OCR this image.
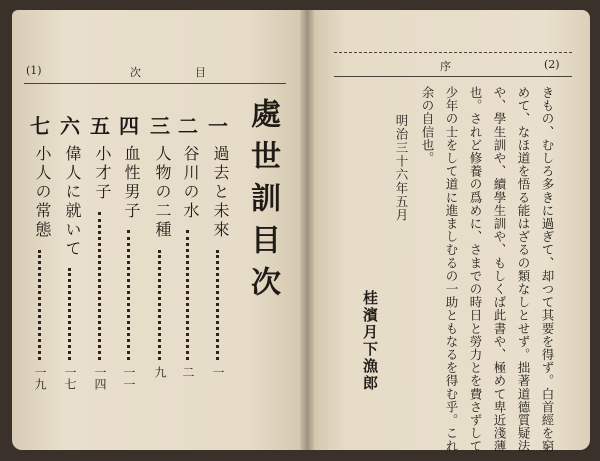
(1)	次　　　　目
處世訓目次
一
過去と未來
一
二
谷川の水
二
三
人物の二種
九
四
血性男子
一一
五
小才子
一四
六
偉人に就いて
一七
七
小人の常態
一九
序	(2)
きもの、むしろ多きに過ぎて、却つて其要を得ず。白首經を窮
めて、なほ道を悟る能はざるの類なしとせず。拙著道德質疑法
や、學生訓や、續學生訓や、もしくば此書や、極めて卑近淺薄
也。されど修養の爲めに、さまでの時日と勞力とを費さずして
少年の士をして道に進ましむるの一助ともなるを得む乎。これ
余の自信也。
明治三十六年五月
桂濱月下漁郎
